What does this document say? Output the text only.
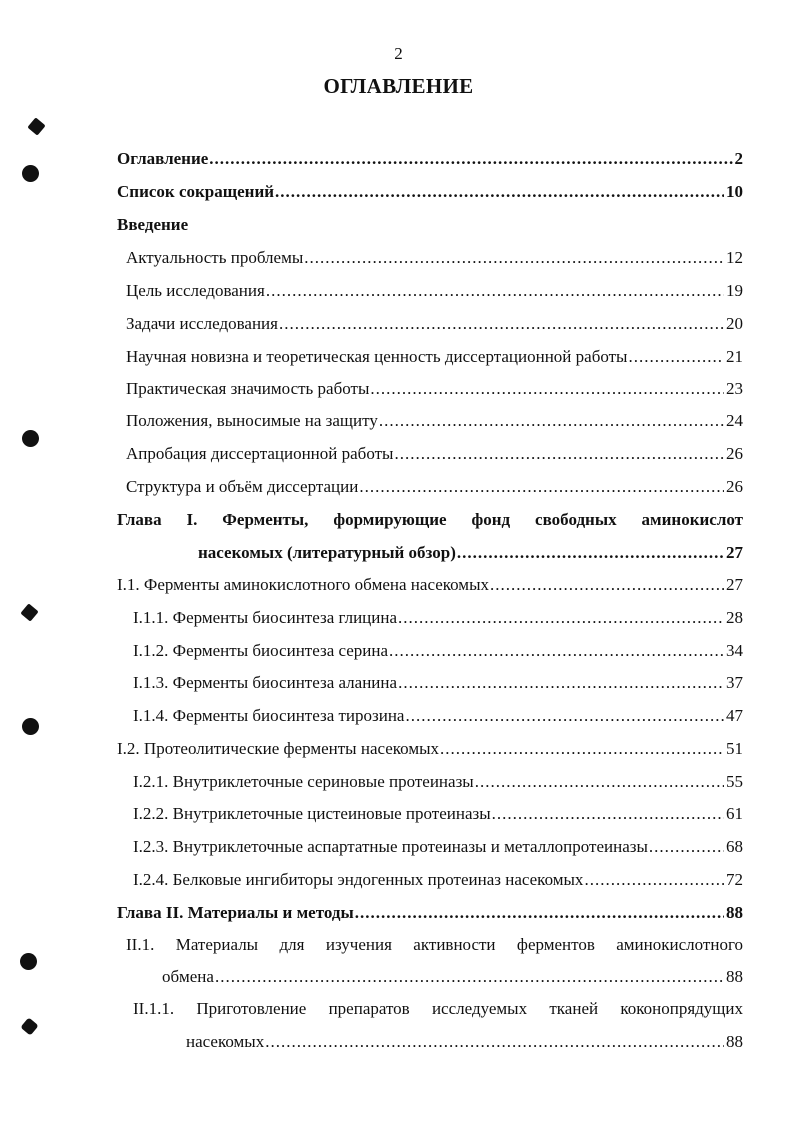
2
ОГЛАВЛЕНИЕ
Оглавление .....	2
Список сокращений .....	10
Введение
Актуальность проблемы .....	12
Цель исследования .....	19
Задачи исследования .....	20
Научная новизна и теоретическая ценность диссертационной работы .....	21
Практическая значимость работы .....	23
Положения, выносимые на защиту .....	24
Апробация диссертационной работы .....	26
Структура и объём диссертации .....	26
Глава I. Ферменты, формирующие фонд свободных аминокислот
насекомых (литературный обзор) .....	27
I.1. Ферменты аминокислотного обмена насекомых .....	27
I.1.1. Ферменты биосинтеза глицина .....	28
I.1.2. Ферменты биосинтеза серина .....	34
I.1.3. Ферменты биосинтеза аланина .....	37
I.1.4. Ферменты биосинтеза тирозина .....	47
I.2. Протеолитические ферменты насекомых .....	51
I.2.1. Внутриклеточные сериновые протеиназы .....	55
I.2.2. Внутриклеточные цистеиновые протеиназы .....	61
I.2.3. Внутриклеточные аспартатные протеиназы и металлопротеиназы .....	68
I.2.4. Белковые ингибиторы эндогенных протеиназ насекомых .....	72
Глава II. Материалы и методы .....	88
II.1. Материалы для изучения активности ферментов аминокислотного
обмена .....	88
II.1.1. Приготовление препаратов исследуемых тканей коконопрядущих
насекомых .....	88
